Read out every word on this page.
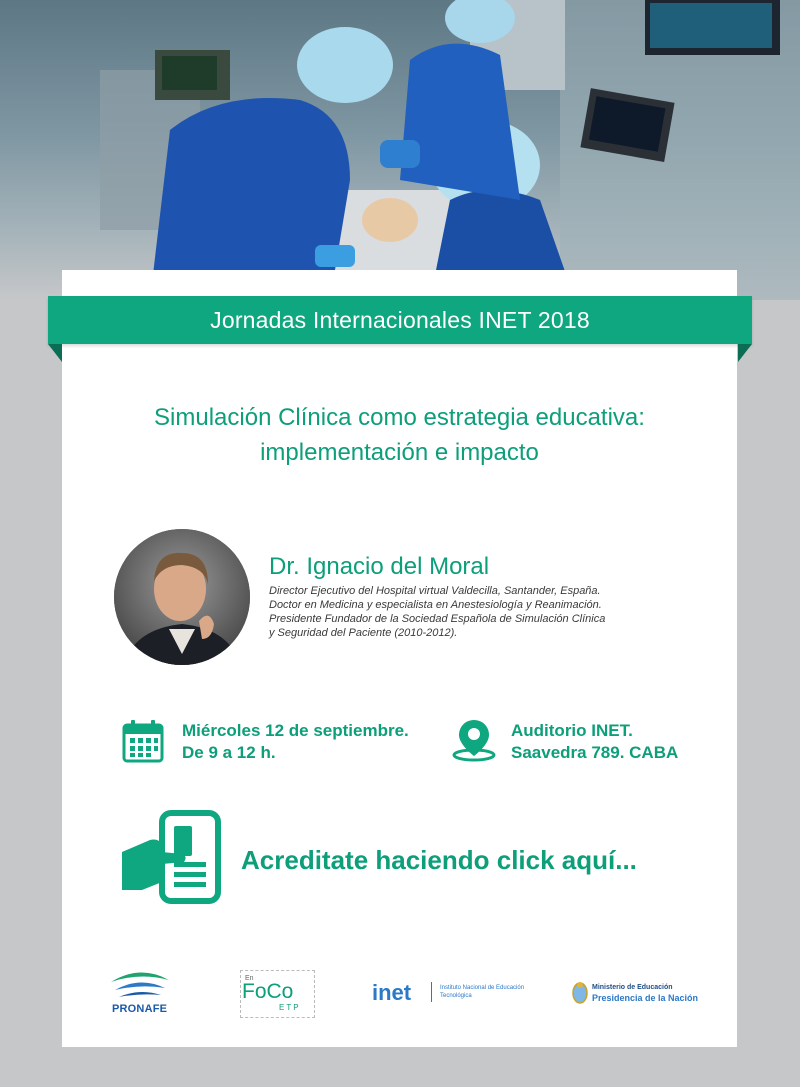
Jornadas Internacionales INET 2018
Simulación Clínica como estrategia educativa:
implementación e impacto
Dr. Ignacio del Moral
Director Ejecutivo del Hospital virtual Valdecilla, Santander, España.
Doctor en Medicina y especialista en Anestesiología y Reanimación.
Presidente Fundador de la Sociedad Española de Simulación Clínica
y Seguridad del Paciente (2010-2012).
Miércoles 12 de septiembre.
De 9 a 12 h.
Auditorio INET.
Saavedra 789. CABA
Acreditate haciendo click aquí...
PRONAFE
En
FoCo
ETP
inet	Instituto Nacional de Educación Tecnológica
Ministerio de Educación
Presidencia de la Nación
